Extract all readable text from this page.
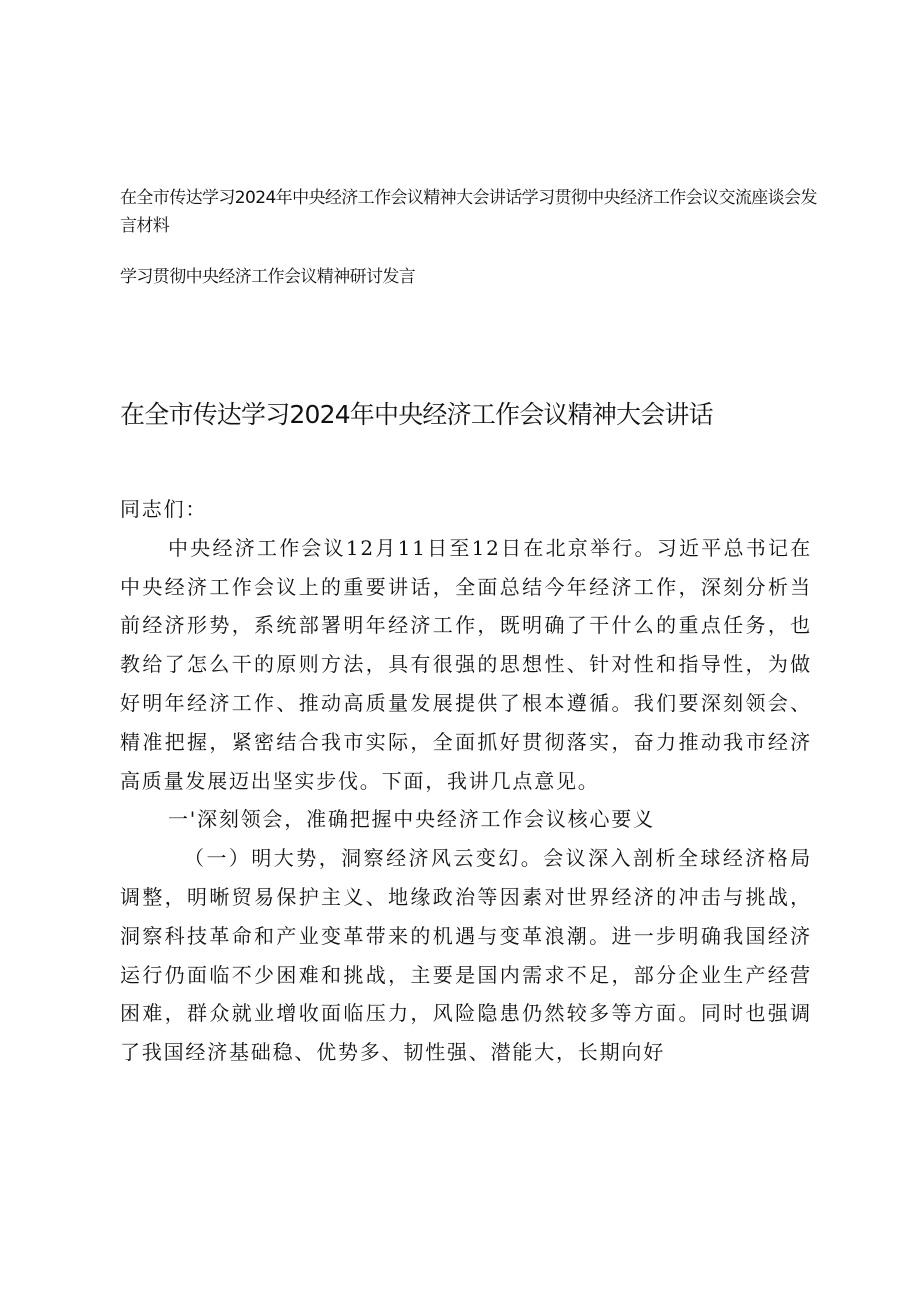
在全市传达学习2024年中央经济工作会议精神大会讲话学习贯彻中央经济工作会议交流座谈会发言材料

学习贯彻中央经济工作会议精神研讨发言

在全市传达学习2024年中央经济工作会议精神大会讲话

同志们：

中央经济工作会议12月11日至12日在北京举行。习近平总书记在中央经济工作会议上的重要讲话，全面总结今年经济工作，深刻分析当前经济形势，系统部署明年经济工作，既明确了干什么的重点任务，也教给了怎么干的原则方法，具有很强的思想性、针对性和指导性，为做好明年经济工作、推动高质量发展提供了根本遵循。我们要深刻领会、精准把握，紧密结合我市实际，全面抓好贯彻落实，奋力推动我市经济高质量发展迈出坚实步伐。下面，我讲几点意见。

一'深刻领会，准确把握中央经济工作会议核心要义

（一）明大势，洞察经济风云变幻。会议深入剖析全球经济格局调整，明晰贸易保护主义、地缘政治等因素对世界经济的冲击与挑战，洞察科技革命和产业变革带来的机遇与变革浪潮。进一步明确我国经济运行仍面临不少困难和挑战，主要是国内需求不足，部分企业生产经营困难，群众就业增收面临压力，风险隐患仍然较多等方面。同时也强调了我国经济基础稳、优势多、韧性强、潜能大，长期向好
